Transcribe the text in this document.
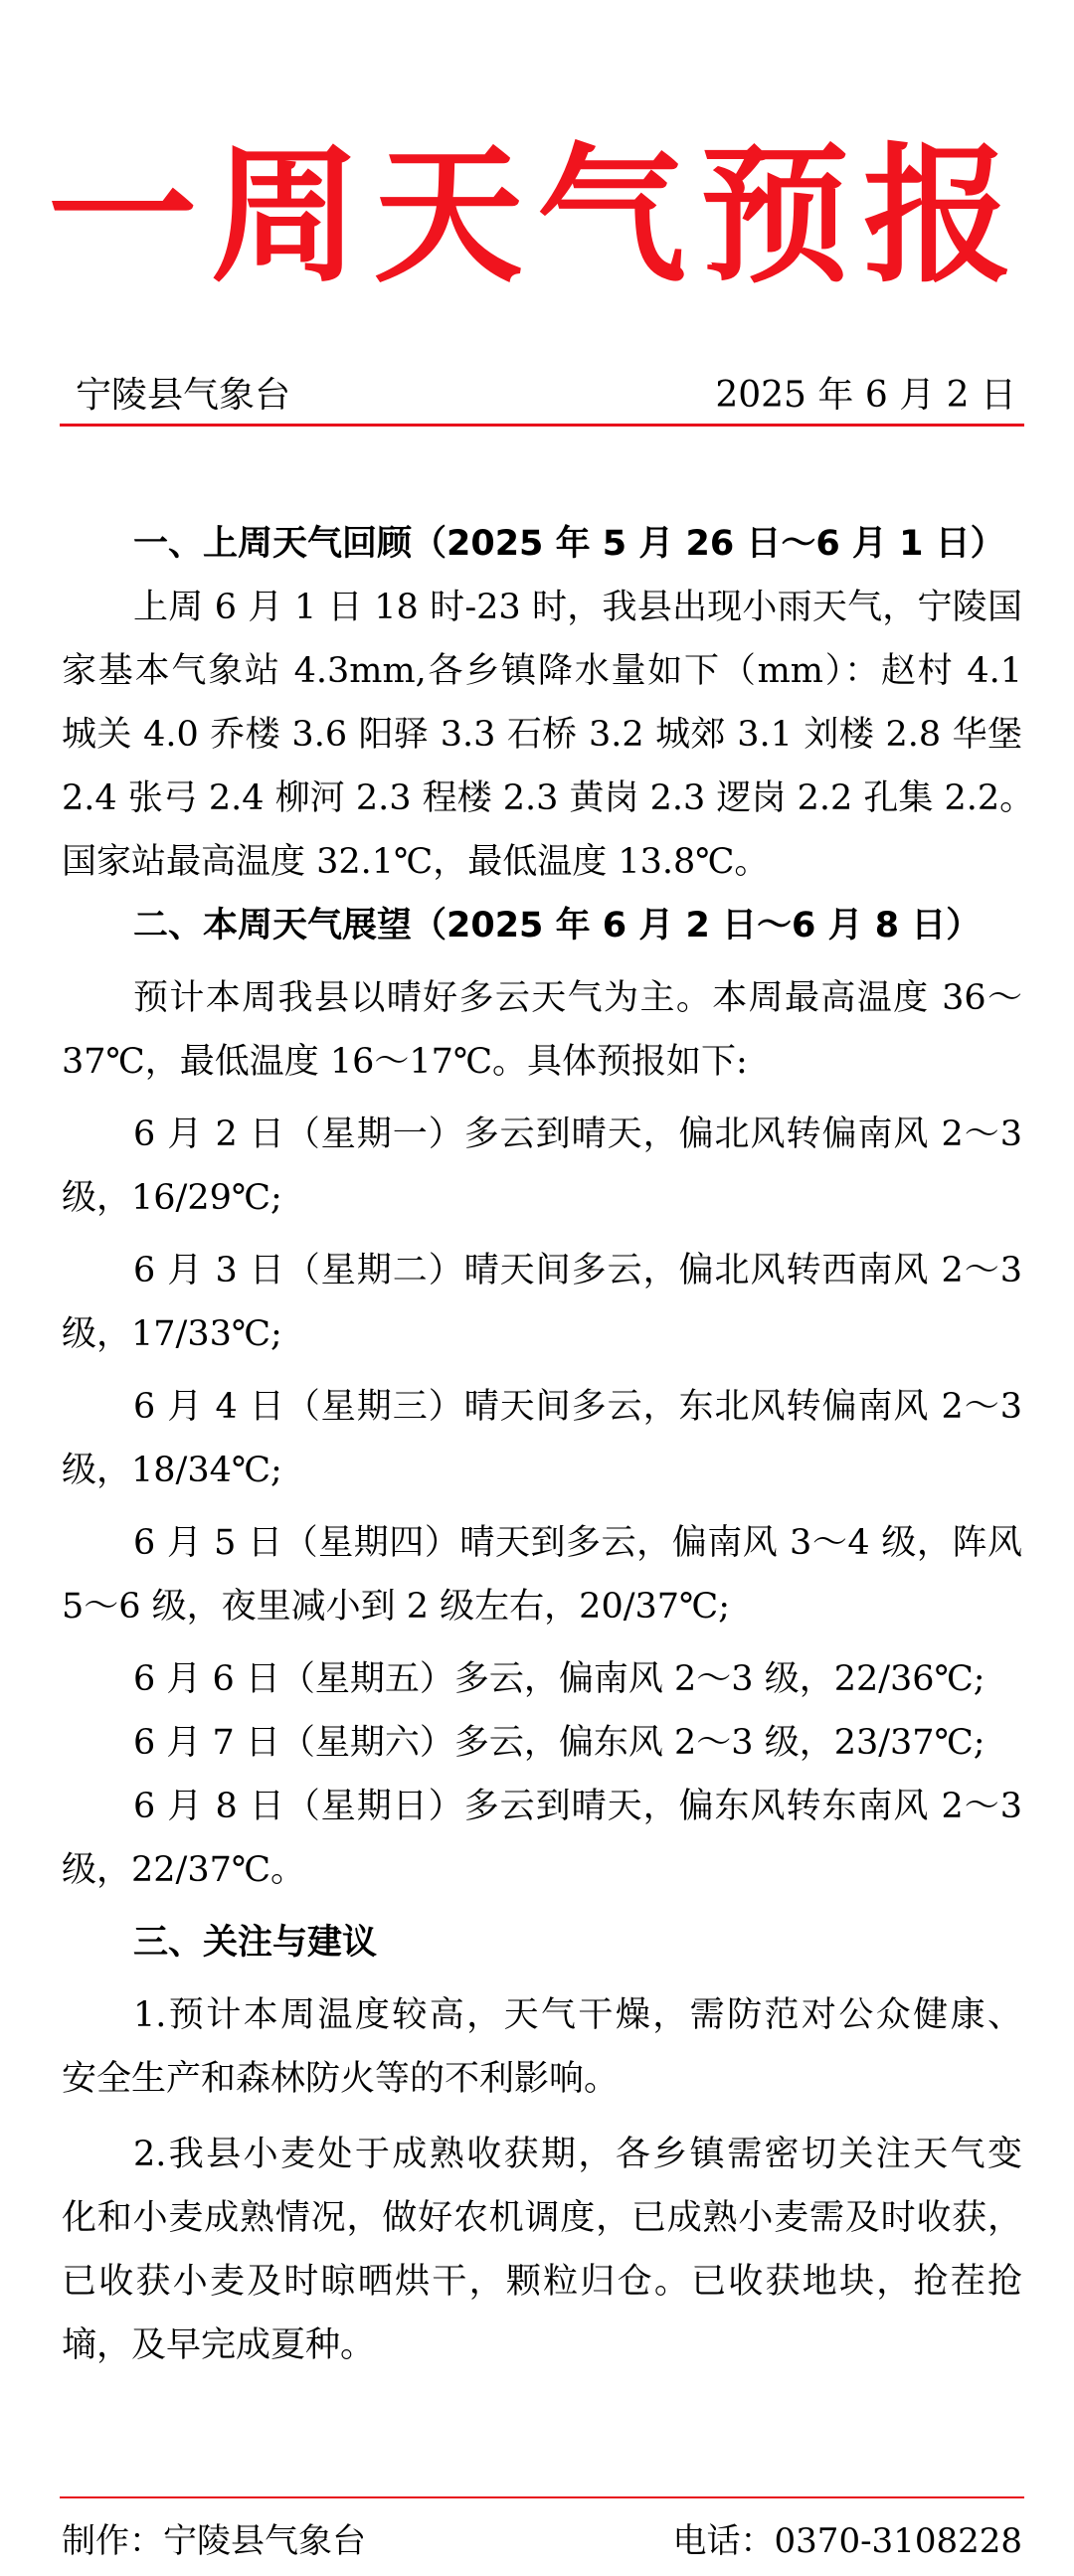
一周天气预报
宁陵县气象台	2025 年 6 月 2 日
一、上周天气回顾（2025 年 5 月 26 日～6 月 1 日）
上周 6 月 1 日 18 时-23 时，我县出现小雨天气，宁陵国
家基本气象站 4.3mm,各乡镇降水量如下（mm）：赵村 4.1
城关 4.0 乔楼 3.6 阳驿 3.3 石桥 3.2 城郊 3.1 刘楼 2.8 华堡
2.4 张弓 2.4 柳河 2.3 程楼 2.3 黄岗 2.3 逻岗 2.2 孔集 2.2。
国家站最高温度 32.1℃，最低温度 13.8℃。
二、本周天气展望（2025 年 6 月 2 日～6 月 8 日）
预计本周我县以晴好多云天气为主。本周最高温度 36～
37℃，最低温度 16～17℃。具体预报如下:
6 月 2 日（星期一）多云到晴天，偏北风转偏南风 2～3
级，16/29℃;
6 月 3 日（星期二）晴天间多云，偏北风转西南风 2～3
级，17/33℃;
6 月 4 日（星期三）晴天间多云，东北风转偏南风 2～3
级，18/34℃;
6 月 5 日（星期四）晴天到多云，偏南风 3～4 级，阵风
5～6 级，夜里减小到 2 级左右，20/37℃;
6 月 6 日（星期五）多云，偏南风 2～3 级，22/36℃;
6 月 7 日（星期六）多云，偏东风 2～3 级，23/37℃;
6 月 8 日（星期日）多云到晴天，偏东风转东南风 2～3
级，22/37℃。
三、关注与建议
1.预计本周温度较高，天气干燥，需防范对公众健康、
安全生产和森林防火等的不利影响。
2.我县小麦处于成熟收获期，各乡镇需密切关注天气变
化和小麦成熟情况，做好农机调度，已成熟小麦需及时收获，
已收获小麦及时晾晒烘干，颗粒归仓。已收获地块，抢茬抢
墒，及早完成夏种。
制作：宁陵县气象台	电话：0370-3108228
